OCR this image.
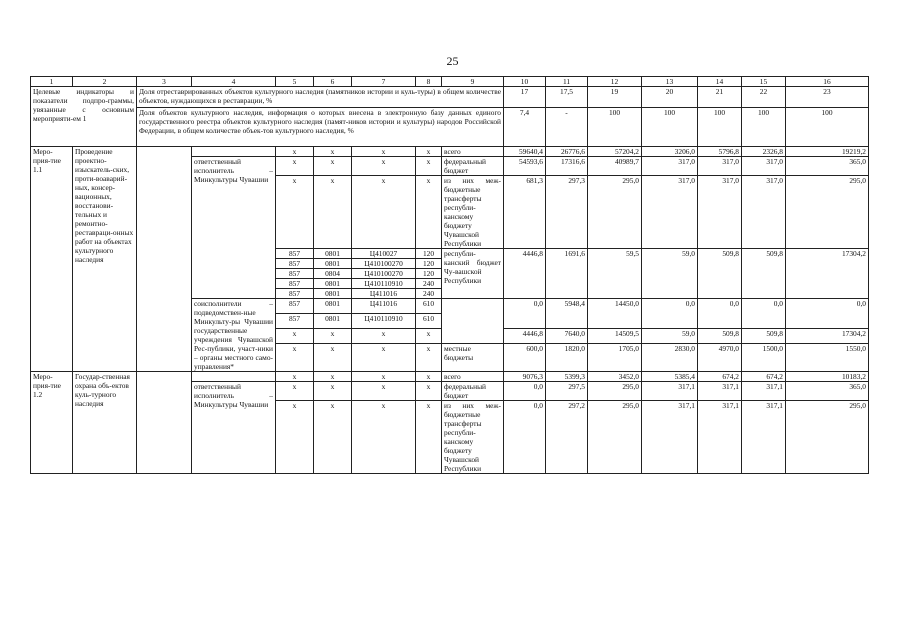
25
1	2	3	4	5	6	7	8	9	10	11	12	13	14	15	16
Целевые индикаторы и показатели подпро-граммы, увязанные с основным мероприяти-ем 1		Доля отреставрированных объектов культурного наследия (памятников истории и куль-туры) в общем количестве объектов, нуждающихся в реставрации, %							17	17,5	19	20	21	22	23
		Доля объектов культурного наследия, информация о которых внесена в электронную базу данных единого государственного реестра объектов культурного наследия (памят-ников истории и культуры) народов Российской Федерации, в общем количестве объек-тов культурного наследия, %							7,4	-	100	100	100	100	100
Меро-прия-тие 1.1	Проведение проектно-изыскатель-ских, проти-воаварий-ных, консер-вационных, восстанови-тельных и ремонтно-реставраци-онных работ на объектах культурного наследия			х	х	х	х	всего	59640,4	26776,6	57204,2	3206,0	5796,8	2326,8	19219,2
			ответственный исполнитель – Минкультуры Чувашии	х	х	х	х	федеральный бюджет	54593,6	17316,6	40989,7	317,0	317,0	317,0	365,0
				х	х	х	х	из них меж-бюджетные трансферты республи-канскому бюджету Чувашской Республики	681,3	297,3	295,0	317,0	317,0	317,0	295,0
				857	0801	Ц410027	120	республи-канский бюджет Чу-вашской Республики	4446,8	1691,6	59,5	59,0	509,8	509,8	17304,2
				857	0801	Ц410100270	120								
				857	0804	Ц410100270	120								
				857	0801	Ц410110910	240								
				857	0801	Ц411016	240								
			соисполнители – подведомствен-ные Минкульту-ры Чувашии государственные учреждения Чувашской Рес-публики, участ-ники – органы местного само-управления*	857	0801	Ц411016	610		0,0	5948,4	14450,0	0,0	0,0	0,0	0,0
				857	0801	Ц410110910	610								
				х	х	х	х		4446,8	7640,0	14509,5	59,0	509,8	509,8	17304,2
				х	х	х	х	местные бюджеты	600,0	1820,0	1705,0	2830,0	4970,0	1500,0	1550,0
Меро-прия-тие 1.2	Государ-ственная охрана объ-ектов куль-турного наследия			х	х	х	х	всего	9076,3	5399,3	3452,0	5385,4	674,2	674,2	10183,2
			ответственный исполнитель – Минкультуры Чувашии	х	х	х	х	федеральный бюджет	0,0	297,5	295,0	317,1	317,1	317,1	365,0
				х	х	х	х	из них меж-бюджетные трансферты республи-канскому бюджету Чувашской Республики	0,0	297,2	295,0	317,1	317,1	317,1	295,0
